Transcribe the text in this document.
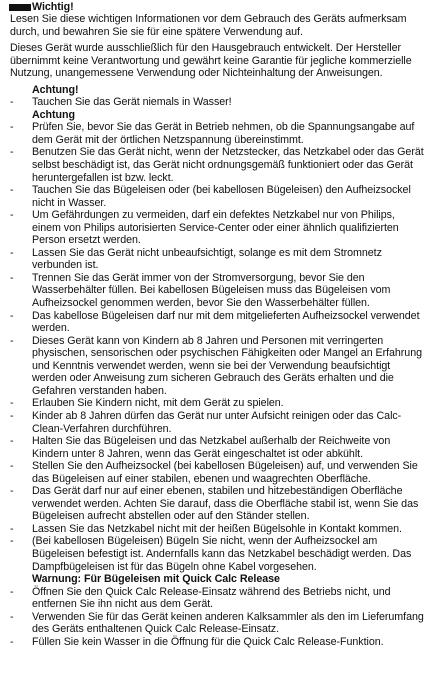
Wichtig!

Lesen Sie diese wichtigen Informationen vor dem Gebrauch des Geräts aufmerksam durch, und bewahren Sie sie für eine spätere Verwendung auf.

Dieses Gerät wurde ausschließlich für den Hausgebrauch entwickelt. Der Hersteller übernimmt keine Verantwortung und gewährt keine Garantie für jegliche kommerzielle Nutzung, unangemessene Verwendung oder Nichteinhaltung der Anweisungen.

Achtung!

- Tauchen Sie das Gerät niemals in Wasser!

Achtung

- Prüfen Sie, bevor Sie das Gerät in Betrieb nehmen, ob die Spannungsangabe auf dem Gerät mit der örtlichen Netzspannung übereinstimmt.
- Benutzen Sie das Gerät nicht, wenn der Netzstecker, das Netzkabel oder das Gerät selbst beschädigt ist, das Gerät nicht ordnungsgemäß funktioniert oder das Gerät heruntergefallen ist bzw. leckt.
- Tauchen Sie das Bügeleisen oder (bei kabellosen Bügeleisen) den Aufheizsockel nicht in Wasser.
- Um Gefährdungen zu vermeiden, darf ein defektes Netzkabel nur von Philips, einem von Philips autorisierten Service-Center oder einer ähnlich qualifizierten Person ersetzt werden.
- Lassen Sie das Gerät nicht unbeaufsichtigt, solange es mit dem Stromnetz verbunden ist.
- Trennen Sie das Gerät immer von der Stromversorgung, bevor Sie den Wasserbehälter füllen. Bei kabellosen Bügeleisen muss das Bügeleisen vom Aufheizsockel genommen werden, bevor Sie den Wasserbehälter füllen.
- Das kabellose Bügeleisen darf nur mit dem mitgelieferten Aufheizsockel verwendet werden.
- Dieses Gerät kann von Kindern ab 8 Jahren und Personen mit verringerten physischen, sensorischen oder psychischen Fähigkeiten oder Mangel an Erfahrung und Kenntnis verwendet werden, wenn sie bei der Verwendung beaufsichtigt werden oder Anweisung zum sicheren Gebrauch des Geräts erhalten und die Gefahren verstanden haben.
- Erlauben Sie Kindern nicht, mit dem Gerät zu spielen.
- Kinder ab 8 Jahren dürfen das Gerät nur unter Aufsicht reinigen oder das Calc-Clean-Verfahren durchführen.
- Halten Sie das Bügeleisen und das Netzkabel außerhalb der Reichweite von Kindern unter 8 Jahren, wenn das Gerät eingeschaltet ist oder abkühlt.
- Stellen Sie den Aufheizsockel (bei kabellosen Bügeleisen) auf, und verwenden Sie das Bügeleisen auf einer stabilen, ebenen und waagrechten Oberfläche.
- Das Gerät darf nur auf einer ebenen, stabilen und hitzebeständigen Oberfläche verwendet werden. Achten Sie darauf, dass die Oberfläche stabil ist, wenn Sie das Bügeleisen aufrecht abstellen oder auf den Ständer stellen.
- Lassen Sie das Netzkabel nicht mit der heißen Bügelsohle in Kontakt kommen.
- (Bei kabellosen Bügeleisen) Bügeln Sie nicht, wenn der Aufheizsockel am Bügeleisen befestigt ist. Andernfalls kann das Netzkabel beschädigt werden. Das Dampfbügeleisen ist für das Bügeln ohne Kabel vorgesehen.

Warnung: Für Bügeleisen mit Quick Calc Release

- Öffnen Sie den Quick Calc Release-Einsatz während des Betriebs nicht, und entfernen Sie ihn nicht aus dem Gerät.
- Verwenden Sie für das Gerät keinen anderen Kalksammler als den im Lieferumfang des Geräts enthaltenen Quick Calc Release-Einsatz.
- Füllen Sie kein Wasser in die Öffnung für die Quick Calc Release-Funktion.
